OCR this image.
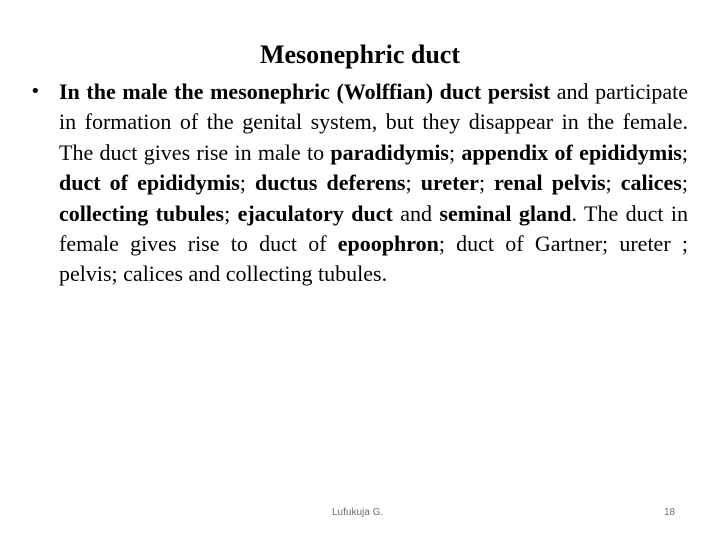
Mesonephric duct

• In the male the mesonephric (Wolffian) duct persist and participate in formation of the genital system, but they disappear in the female. The duct gives rise in male to paradidymis; appendix of epididymis; duct of epididymis; ductus deferens; ureter; renal pelvis; calices; collecting tubules; ejaculatory duct and seminal gland. The duct in female gives rise to duct of epoophron; duct of Gartner; ureter ; pelvis; calices and collecting tubules.

Lufukuja G.	18
